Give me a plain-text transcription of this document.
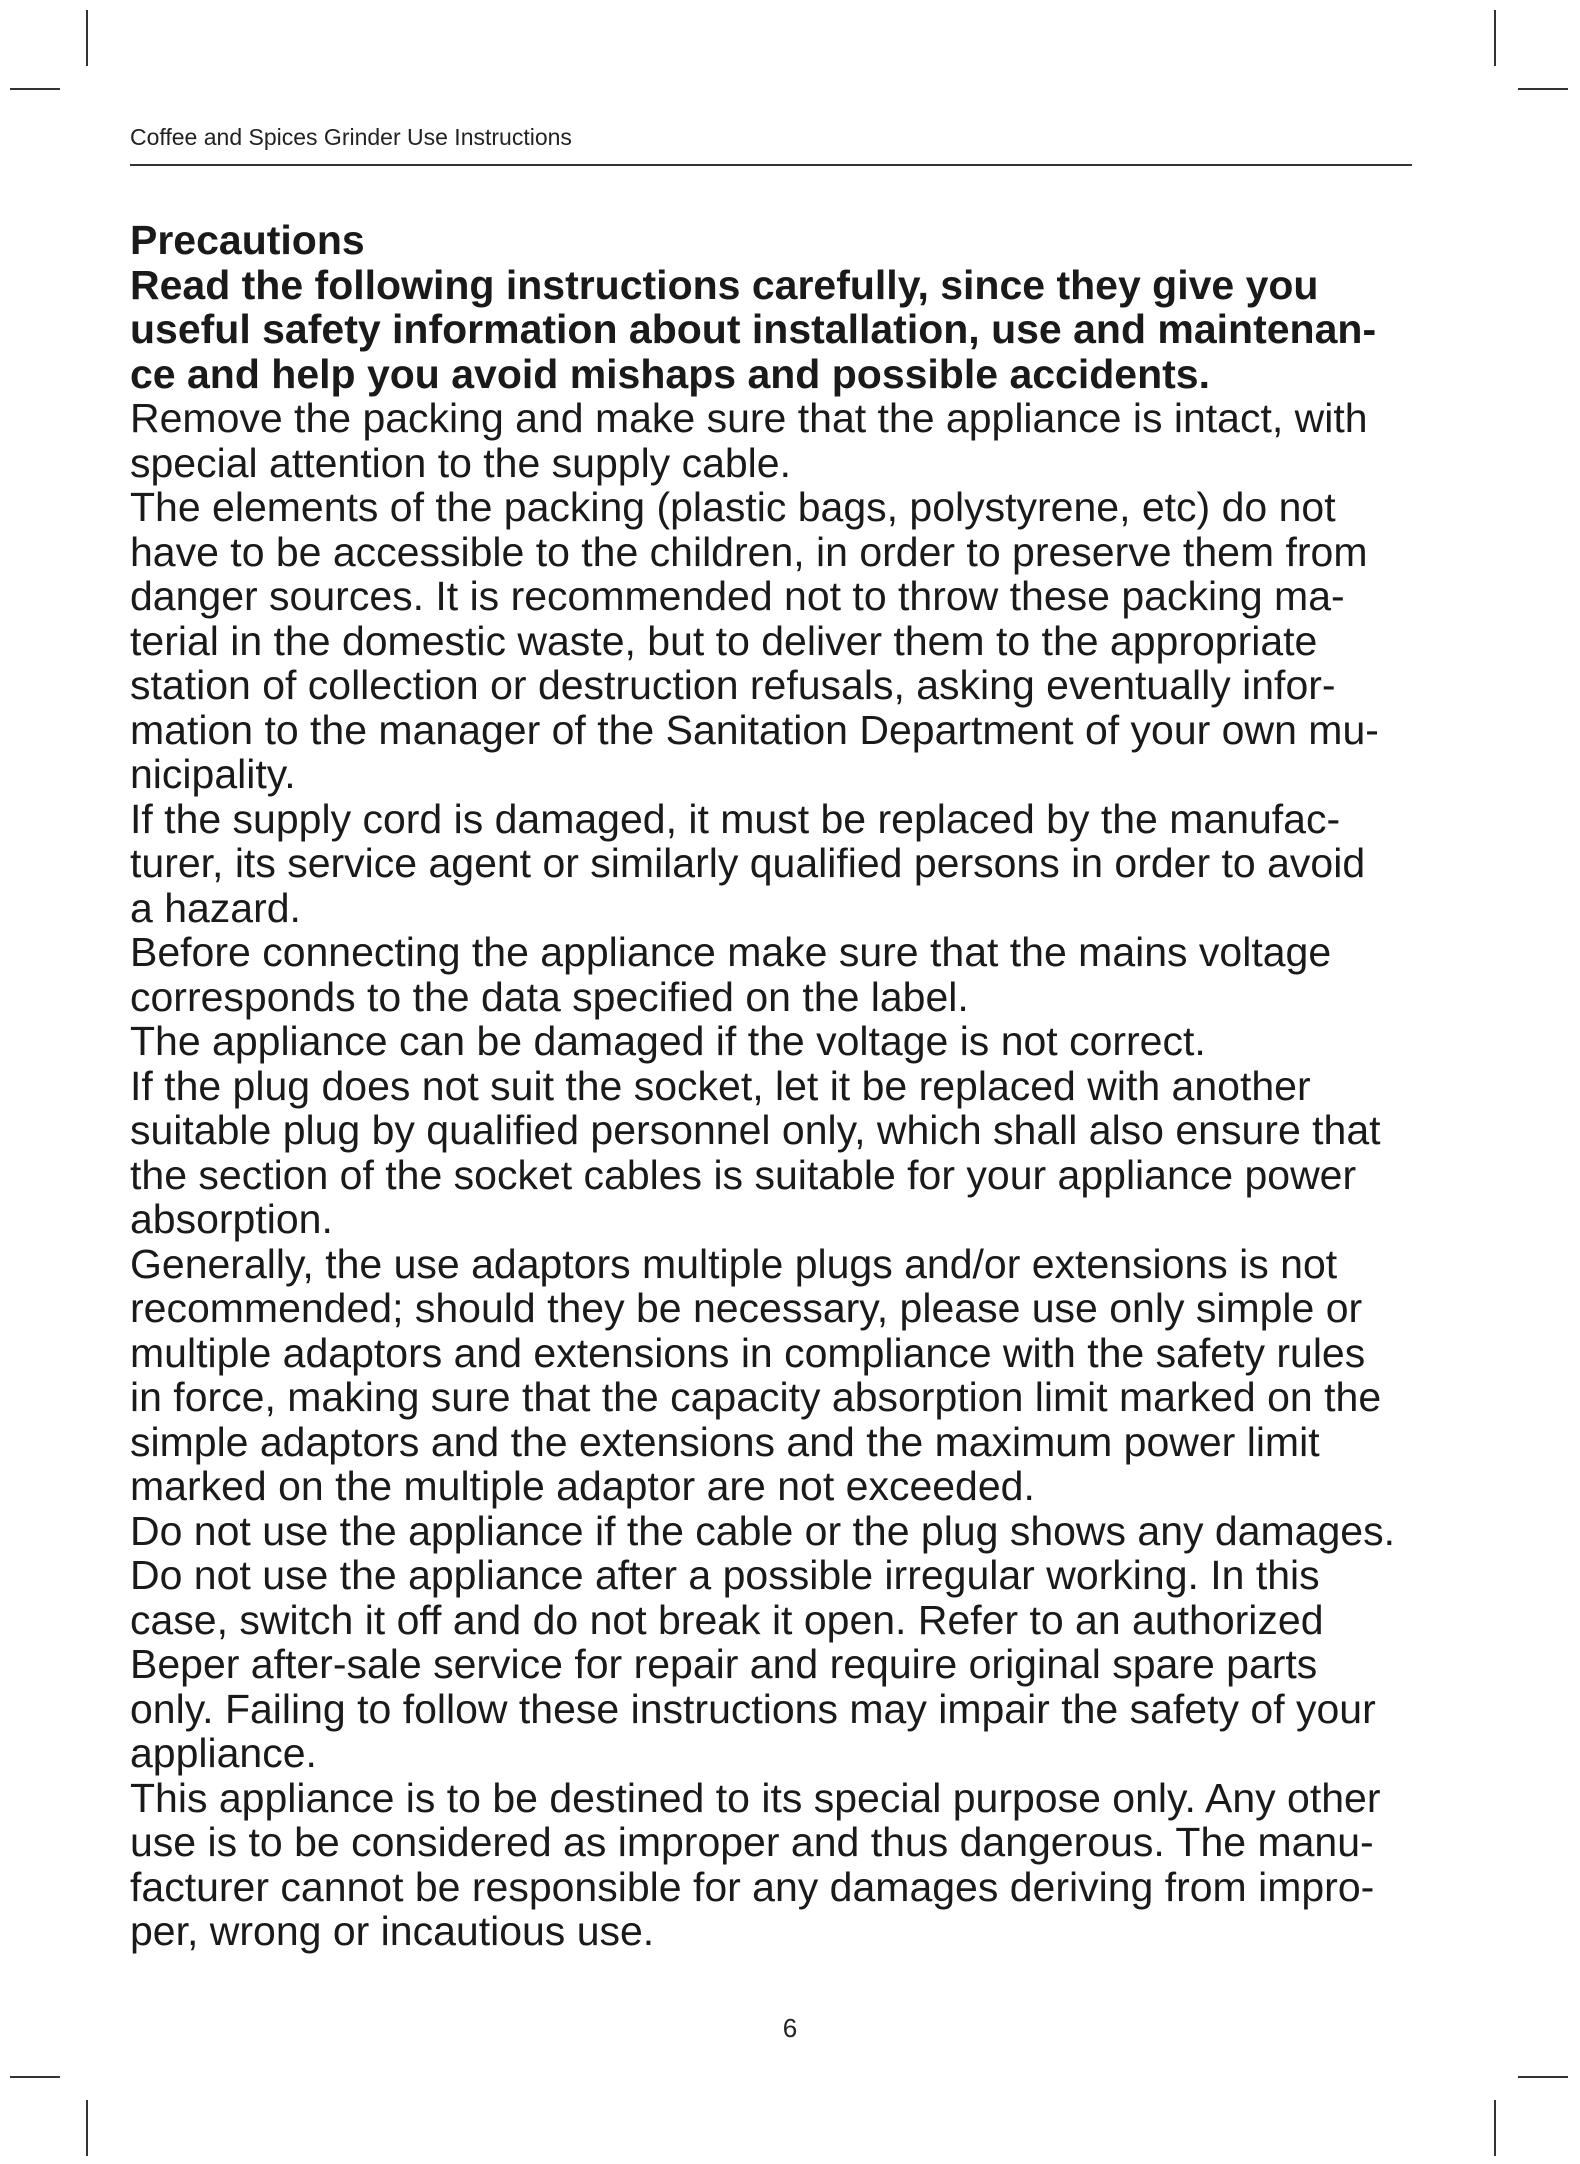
Coffee and Spices Grinder Use Instructions

Precautions

Read the following instructions carefully, since they give you
useful safety information about installation, use and maintenan-
ce and help you avoid mishaps and possible accidents.

Remove the packing and make sure that the appliance is intact, with
special attention to the supply cable.

The elements of the packing (plastic bags, polystyrene, etc) do not
have to be accessible to the children, in order to preserve them from
danger sources. It is recommended not to throw these packing ma-
terial in the domestic waste, but to deliver them to the appropriate
station of collection or destruction refusals, asking eventually infor-
mation to the manager of the Sanitation Department of your own mu-
nicipality.

If the supply cord is damaged, it must be replaced by the manufac-
turer, its service agent or similarly qualified persons in order to avoid
a hazard.

Before connecting the appliance make sure that the mains voltage
corresponds to the data specified on the label.

The appliance can be damaged if the voltage is not correct.

If the plug does not suit the socket, let it be replaced with another
suitable plug by qualified personnel only, which shall also ensure that
the section of the socket cables is suitable for your appliance power
absorption.

Generally, the use adaptors multiple plugs and/or extensions is not
recommended; should they be necessary, please use only simple or
multiple adaptors and extensions in compliance with the safety rules
in force, making sure that the capacity absorption limit marked on the
simple adaptors and the extensions and the maximum power limit
marked on the multiple adaptor are not exceeded.

Do not use the appliance if the cable or the plug shows any damages.

Do not use the appliance after a possible irregular working. In this
case, switch it off and do not break it open. Refer to an authorized
Beper after-sale service for repair and require original spare parts
only. Failing to follow these instructions may impair the safety of your
appliance.

This appliance is to be destined to its special purpose only. Any other
use is to be considered as improper and thus dangerous. The manu-
facturer cannot be responsible for any damages deriving from impro-
per, wrong or incautious use.

6
